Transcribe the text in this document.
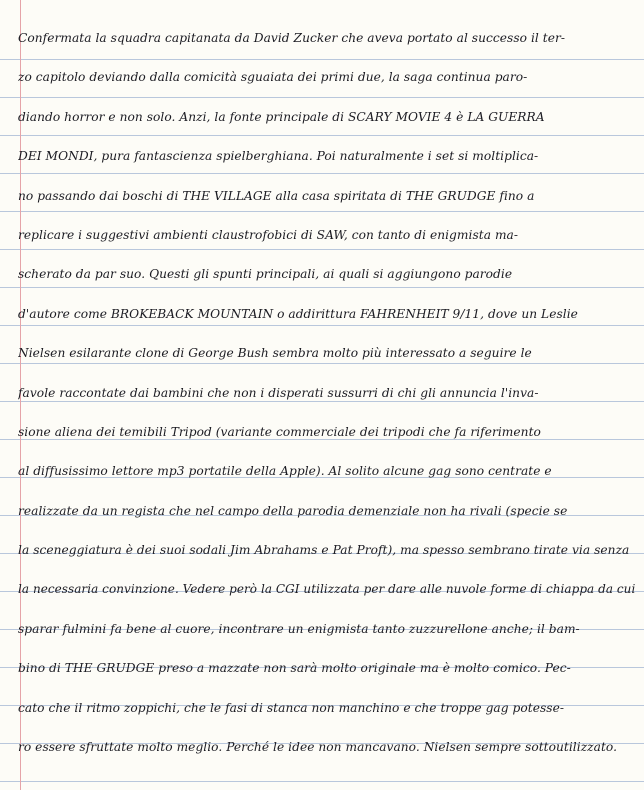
Confermata la squadra capitanata da David Zucker che aveva portato al successo il ter-
zo capitolo deviando dalla comicità sguaiata dei primi due, la saga continua paro-
diando horror e non solo. Anzi, la fonte principale di SCARY MOVIE 4 è LA GUERRA
DEI MONDI, pura fantascienza spielberghiana. Poi naturalmente i set si moltiplica-
no passando dai boschi di THE VILLAGE alla casa spiritata di THE GRUDGE fino a
replicare i suggestivi ambienti claustrofobici di SAW, con tanto di enigmista ma-
scherato da par suo. Questi gli spunti principali, ai quali si aggiungono parodie
d'autore come BROKEBACK MOUNTAIN o addirittura FAHRENHEIT 9/11, dove un Leslie
Nielsen esilarante clone di George Bush sembra molto più interessato a seguire le
favole raccontate dai bambini che non i disperati sussurri di chi gli annuncia l'inva-
sione aliena dei temibili Tripod (variante commerciale dei tripodi che fa riferimento
al diffusissimo lettore mp3 portatile della Apple). Al solito alcune gag sono centrate e
realizzate da un regista che nel campo della parodia demenziale non ha rivali (specie se
la sceneggiatura è dei suoi sodali Jim Abrahams e Pat Proft), ma spesso sembrano tirate via senza
la necessaria convinzione. Vedere però la CGI utilizzata per dare alle nuvole forme di chiappa da cui
sparar fulmini fa bene al cuore, incontrare un enigmista tanto zuzzurellone anche; il bam-
bino di THE GRUDGE preso a mazzate non sarà molto originale ma è molto comico. Pec-
cato che il ritmo zoppichi, che le fasi di stanca non manchino e che troppe gag potesse-
ro essere sfruttate molto meglio. Perché le idee non mancavano. Nielsen sempre sottoutilizzato.
